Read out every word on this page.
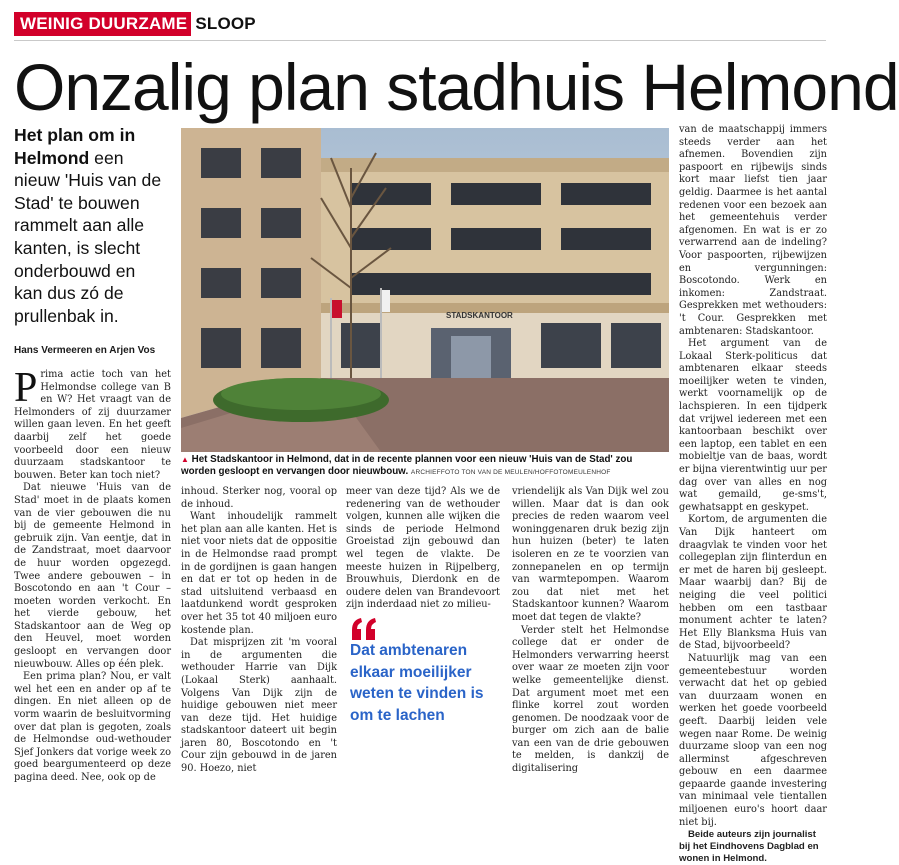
WEINIG DUURZAME SLOOP
Onzalig plan stadhuis Helmond
Het plan om in Helmond een nieuw 'Huis van de Stad' te bouwen rammelt aan alle kanten, is slecht onderbouwd en kan dus zó de prullenbak in.
Hans Vermeeren en Arjen Vos

Prima actie toch van het Helmondse college van B en W? Het vraagt van de Helmonders of zij duurzamer willen gaan leven. En het geeft daarbij zelf het goede voorbeeld door een nieuw duurzaam stadskantoor te bouwen. Beter kan toch niet?

Dat nieuwe 'Huis van de Stad' moet in de plaats komen van de vier gebouwen die nu bij de gemeente Helmond in gebruik zijn. Van eentje, dat in de Zandstraat, moet daarvoor de huur worden opgezegd. Twee andere gebouwen – in Boscotondo en aan 't Cour – moeten worden verkocht. En het vierde gebouw, het Stadskantoor aan de Weg op den Heuvel, moet worden gesloopt en vervangen door nieuwbouw. Alles op één plek.

Een prima plan? Nou, er valt wel het een en ander op af te dingen. En niet alleen op de vorm waarin de besluitvorming over dat plan is gegoten, zoals de Helmondse oud-wethouder Sjef Jonkers dat vorige week zo goed beargumenteerd op deze pagina deed. Nee, ook op de

STADSKANTOOR
▲ Het Stadskantoor in Helmond, dat in de recente plannen voor een nieuw 'Huis van de Stad' zou worden gesloopt en vervangen door nieuwbouw. ARCHIEFFOTO TON VAN DE MEULEN/HOFFOTOMEULENHOF

inhoud. Sterker nog, vooral op de inhoud.

Want inhoudelijk rammelt het plan aan alle kanten. Het is niet voor niets dat de oppositie in de Helmondse raad prompt in de gordijnen is gaan hangen en dat er tot op heden in de stad uitsluitend verbaasd en laatdunkend wordt gesproken over het 35 tot 40 miljoen euro kostende plan.

Dat misprijzen zit 'm vooral in de argumenten die wethouder Harrie van Dijk (Lokaal Sterk) aanhaalt. Volgens Van Dijk zijn de huidige gebouwen niet meer van deze tijd. Het huidige stadskantoor dateert uit begin jaren 80, Boscotondo en 't Cour zijn gebouwd in de jaren 90. Hoezo, niet

meer van deze tijd? Als we de redenering van de wethouder volgen, kunnen alle wijken die sinds de periode Helmond Groeistad zijn gebouwd dan wel tegen de vlakte. De meeste huizen in Rijpelberg, Brouwhuis, Dierdonk en de oudere delen van Brandevoort zijn inderdaad niet zo milieu-

Dat ambtenaren elkaar moeilijker weten te vinden is om te lachen

vriendelijk als Van Dijk wel zou willen. Maar dat is dan ook precies de reden waarom veel woninggenaren druk bezig zijn hun huizen (beter) te laten isoleren en ze te voorzien van zonnepanelen en op termijn van warmtepompen. Waarom zou dat niet met het Stadskantoor kunnen? Waarom moet dat tegen de vlakte?

Verder stelt het Helmondse college dat er onder de Helmonders verwarring heerst over waar ze moeten zijn voor welke gemeentelijke dienst. Dat argument moet met een flinke korrel zout worden genomen. De noodzaak voor de burger om zich aan de balie van een van de drie gebouwen te melden, is dankzij de digitalisering

van de maatschappij immers steeds verder aan het afnemen. Bovendien zijn paspoort en rijbewijs sinds kort maar liefst tien jaar geldig. Daarmee is het aantal redenen voor een bezoek aan het gemeentehuis verder afgenomen. En wat is er zo verwarrend aan de indeling? Voor paspoorten, rijbewijzen en vergunningen: Boscotondo. Werk en inkomen: Zandstraat. Gesprekken met wethouders: 't Cour. Gesprekken met ambtenaren: Stadskantoor.

Het argument van de Lokaal Sterk-politicus dat ambtenaren elkaar steeds moeilijker weten te vinden, werkt voornamelijk op de lachspieren. In een tijdperk dat vrijwel iedereen met een kantoorbaan beschikt over een laptop, een tablet en een mobieltje van de baas, wordt er bijna vierentwintig uur per dag over van alles en nog wat gemaild, ge-sms't, gewhatsappt en geskypet.

Kortom, de argumenten die Van Dijk hanteert om draagvlak te vinden voor het collegeplan zijn flinterdun en er met de haren bij gesleept. Maar waarbij dan? Bij de neiging die veel politici hebben om een tastbaar monument achter te laten? Het Elly Blanksma Huis van de Stad, bijvoorbeeld?

Natuurlijk mag van een gemeentebestuur worden verwacht dat het op gebied van duurzaam wonen en werken het goede voorbeeld geeft. Daarbij leiden vele wegen naar Rome. De weinig duurzame sloop van een nog allerminst afgeschreven gebouw en een daarmee gepaarde gaande investering van minimaal vele tientallen miljoenen euro's hoort daar niet bij.

Beide auteurs zijn journalist bij het Eindhovens Dagblad en wonen in Helmond.
